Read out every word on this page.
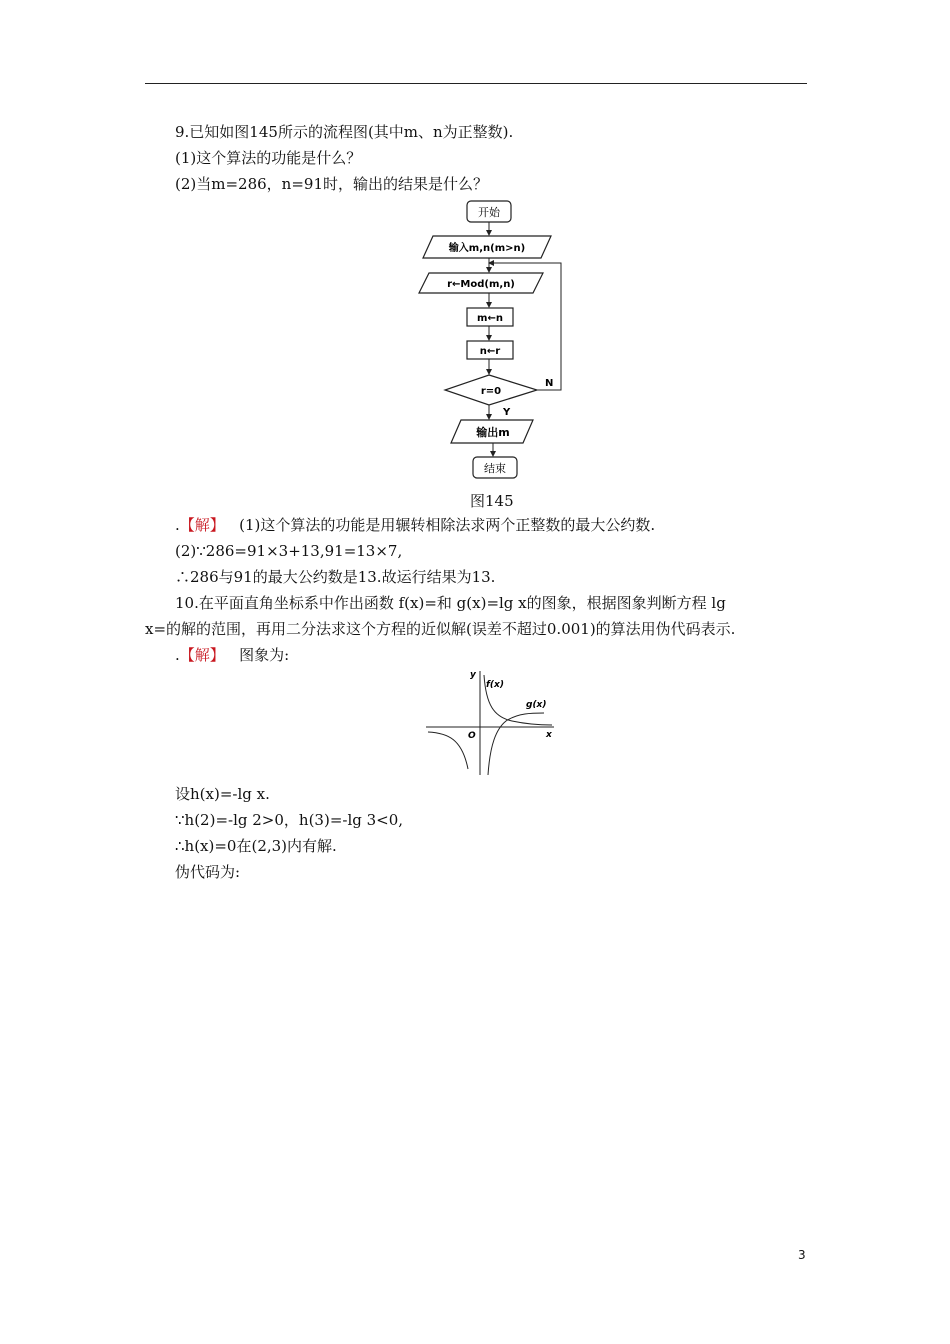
9.已知如图145所示的流程图(其中m、n为正整数).
(1)这个算法的功能是什么？
(2)当m=286，n=91时，输出的结果是什么？
开始
输入m,n(m>n)
r←Mod(m,n)
m←n
n←r
r=0
N
Y
输出m
结束
图145
.【解】 (1)这个算法的功能是用辗转相除法求两个正整数的最大公约数.
(2)∵286=91×3+13,91=13×7,
∴286与91的最大公约数是13.故运行结果为13.
10.在平面直角坐标系中作出函数 f(x)=和 g(x)=lg x的图象，根据图象判断方程 lg
x=的解的范围，再用二分法求这个方程的近似解(误差不超过0.001)的算法用伪代码表示.
.【解】 图象为:
y
x
O
f(x)
g(x)
设h(x)=-lg x.
∵h(2)=-lg 2>0，h(3)=-lg 3<0,
∴h(x)=0在(2,3)内有解.
伪代码为:
3
